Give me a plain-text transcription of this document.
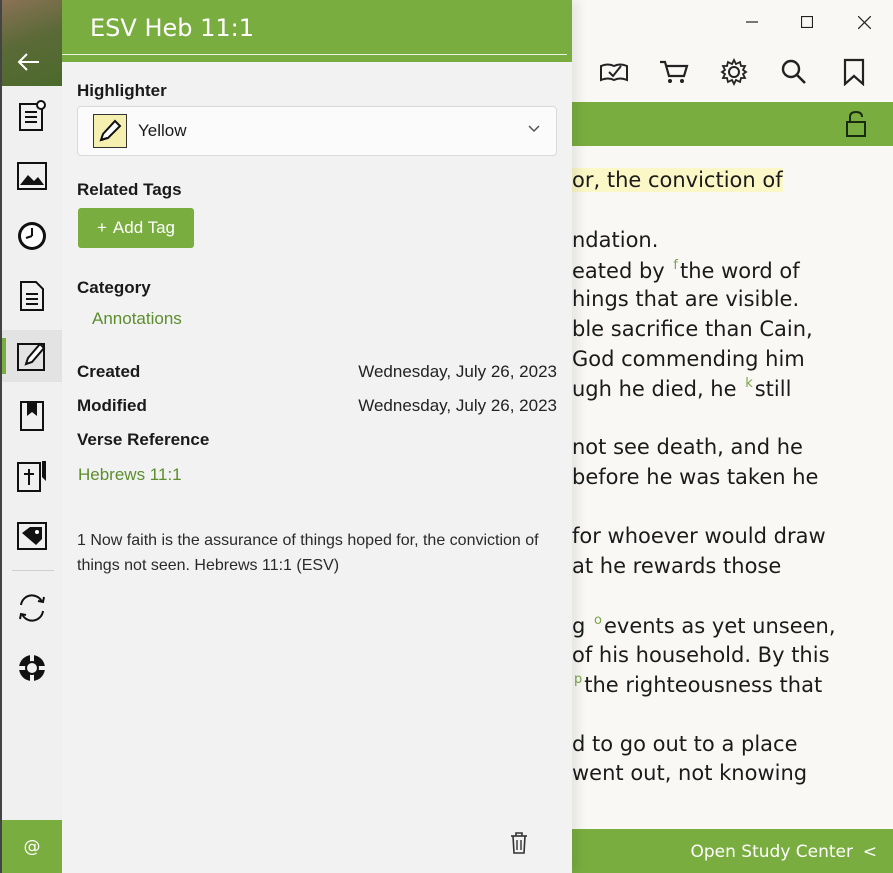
or, the conviction of
ndation.
eated by $^f$the word of
hings that are visible.
ble sacrifice than Cain,
God commending him
ugh he died, he $^k$still
not see death, and he
before he was taken he
for whoever would draw
at he rewards those
g $^o$events as yet unseen,
of his household. By this
$^p$the righteousness that
d to go out to a place
went out, not knowing
Open Study Center <
@
ESV Heb 11:1
Highlighter
Yellow
Related Tags
+ Add Tag
Category
Annotations
Created	Wednesday, July 26, 2023
Modified	Wednesday, July 26, 2023
Verse Reference
Hebrews 11:1
1 Now faith is the assurance of things hoped for, the conviction of things not seen. Hebrews 11:1 (ESV)
